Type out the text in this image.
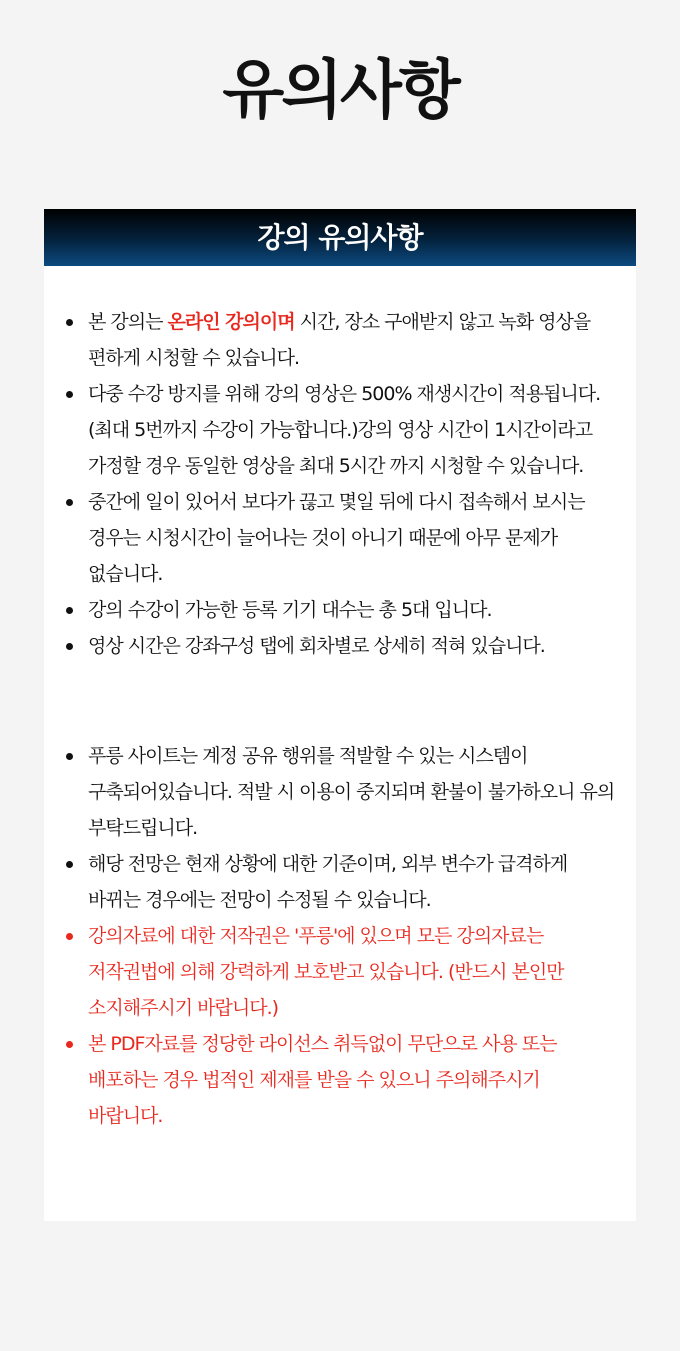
유의사항
강의 유의사항
본 강의는 온라인 강의이며 시간, 장소 구애받지 않고 녹화 영상을 편하게 시청할 수 있습니다.
다중 수강 방지를 위해 강의 영상은 500% 재생시간이 적용됩니다. (최대 5번까지 수강이 가능합니다.)강의 영상 시간이 1시간이라고 가정할 경우 동일한 영상을 최대 5시간 까지 시청할 수 있습니다.
중간에 일이 있어서 보다가 끊고 몇일 뒤에 다시 접속해서 보시는 경우는 시청시간이 늘어나는 것이 아니기 때문에 아무 문제가 없습니다.
강의 수강이 가능한 등록 기기 대수는 총 5대 입니다.
영상 시간은 강좌구성 탭에 회차별로 상세히 적혀 있습니다.
푸릉 사이트는 계정 공유 행위를 적발할 수 있는 시스템이 구축되어있습니다. 적발 시 이용이 중지되며 환불이 불가하오니 유의 부탁드립니다.
해당 전망은 현재 상황에 대한 기준이며, 외부 변수가 급격하게 바뀌는 경우에는 전망이 수정될 수 있습니다.
강의자료에 대한 저작권은 '푸릉'에 있으며 모든 강의자료는 저작권법에 의해 강력하게 보호받고 있습니다. (반드시 본인만 소지해주시기 바랍니다.)
본 PDF자료를 정당한 라이선스 취득없이 무단으로 사용 또는 배포하는 경우 법적인 제재를 받을 수 있으니 주의해주시기 바랍니다.
